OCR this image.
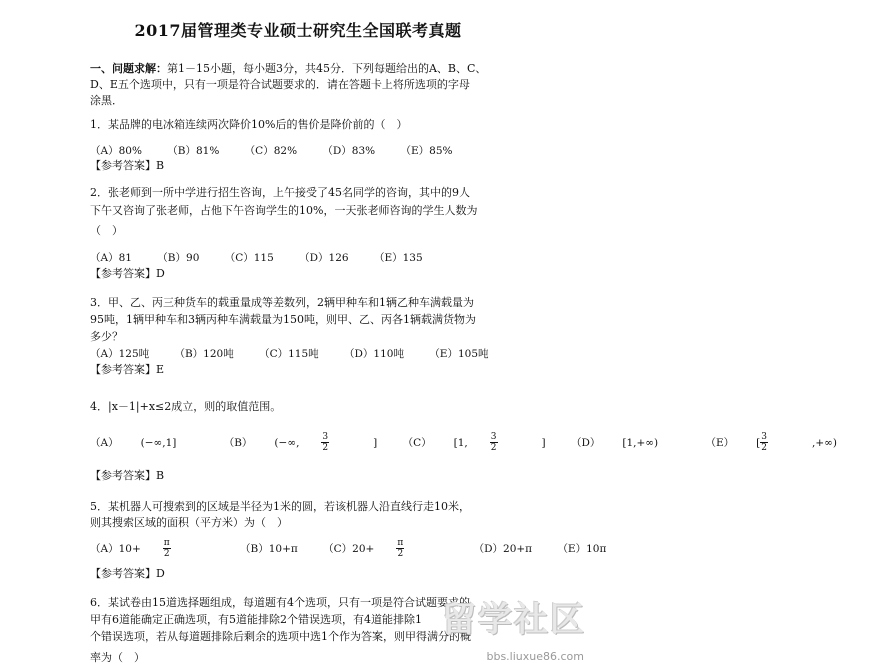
2017届管理类专业硕士研究生全国联考真题
一、问题求解：第1－15小题，每小题3分，共45分．下列每题给出的A、B、C、
D、E五个选项中，只有一项是符合试题要求的．请在答题卡上将所选项的字母
涂黑．
1．某品牌的电冰箱连续两次降价10%后的售价是降价前的（　）
（A）80% （B）81% （C）82% （D）83% （E）85%
【参考答案】B
2．张老师到一所中学进行招生咨询，上午接受了45名同学的咨询，其中的9人
下午又咨询了张老师，占他下午咨询学生的10%，一天张老师咨询的学生人数为
（　）
（A）81 （B）90 （C）115 （D）126 （E）135
【参考答案】D
3．甲、乙、丙三种货车的载重量成等差数列，2辆甲种车和1辆乙种车满载量为
95吨，1辆甲种车和3辆丙种车满载量为150吨，则甲、乙、丙各1辆载满货物为
多少？
（A）125吨 （B）120吨 （C）115吨 （D）110吨 （E）105吨
【参考答案】E
4．|x－1|+x≤2成立，则的取值范围。
（A） (−∞,1]	（B） (−∞, $\frac{3}{2}$ ] （C） [1, $\frac{3}{2}$ ] （D） [1,+∞)	（E） [ $\frac{3}{2}$ ,+∞)
【参考答案】B
5．某机器人可搜索到的区域是半径为1米的圆，若该机器人沿直线行走10米，
则其搜索区域的面积（平方米）为（　）
$(A)10+ \frac{\pi}{2}$	（B）10+π $(C)20+ \frac{\pi}{2}$	（D）20+π （E）10π
【参考答案】D
6．某试卷由15道选择题组成，每道题有4个选项，只有一项是符合试题要求的，
甲有6道能确定正确选项，有5道能排除2个错误选项，有4道能排除1
个错误选项，若从每道题排除后剩余的选项中选1个作为答案，则甲得满分的概
率为（　）
留学社区
bbs.liuxue86.com
